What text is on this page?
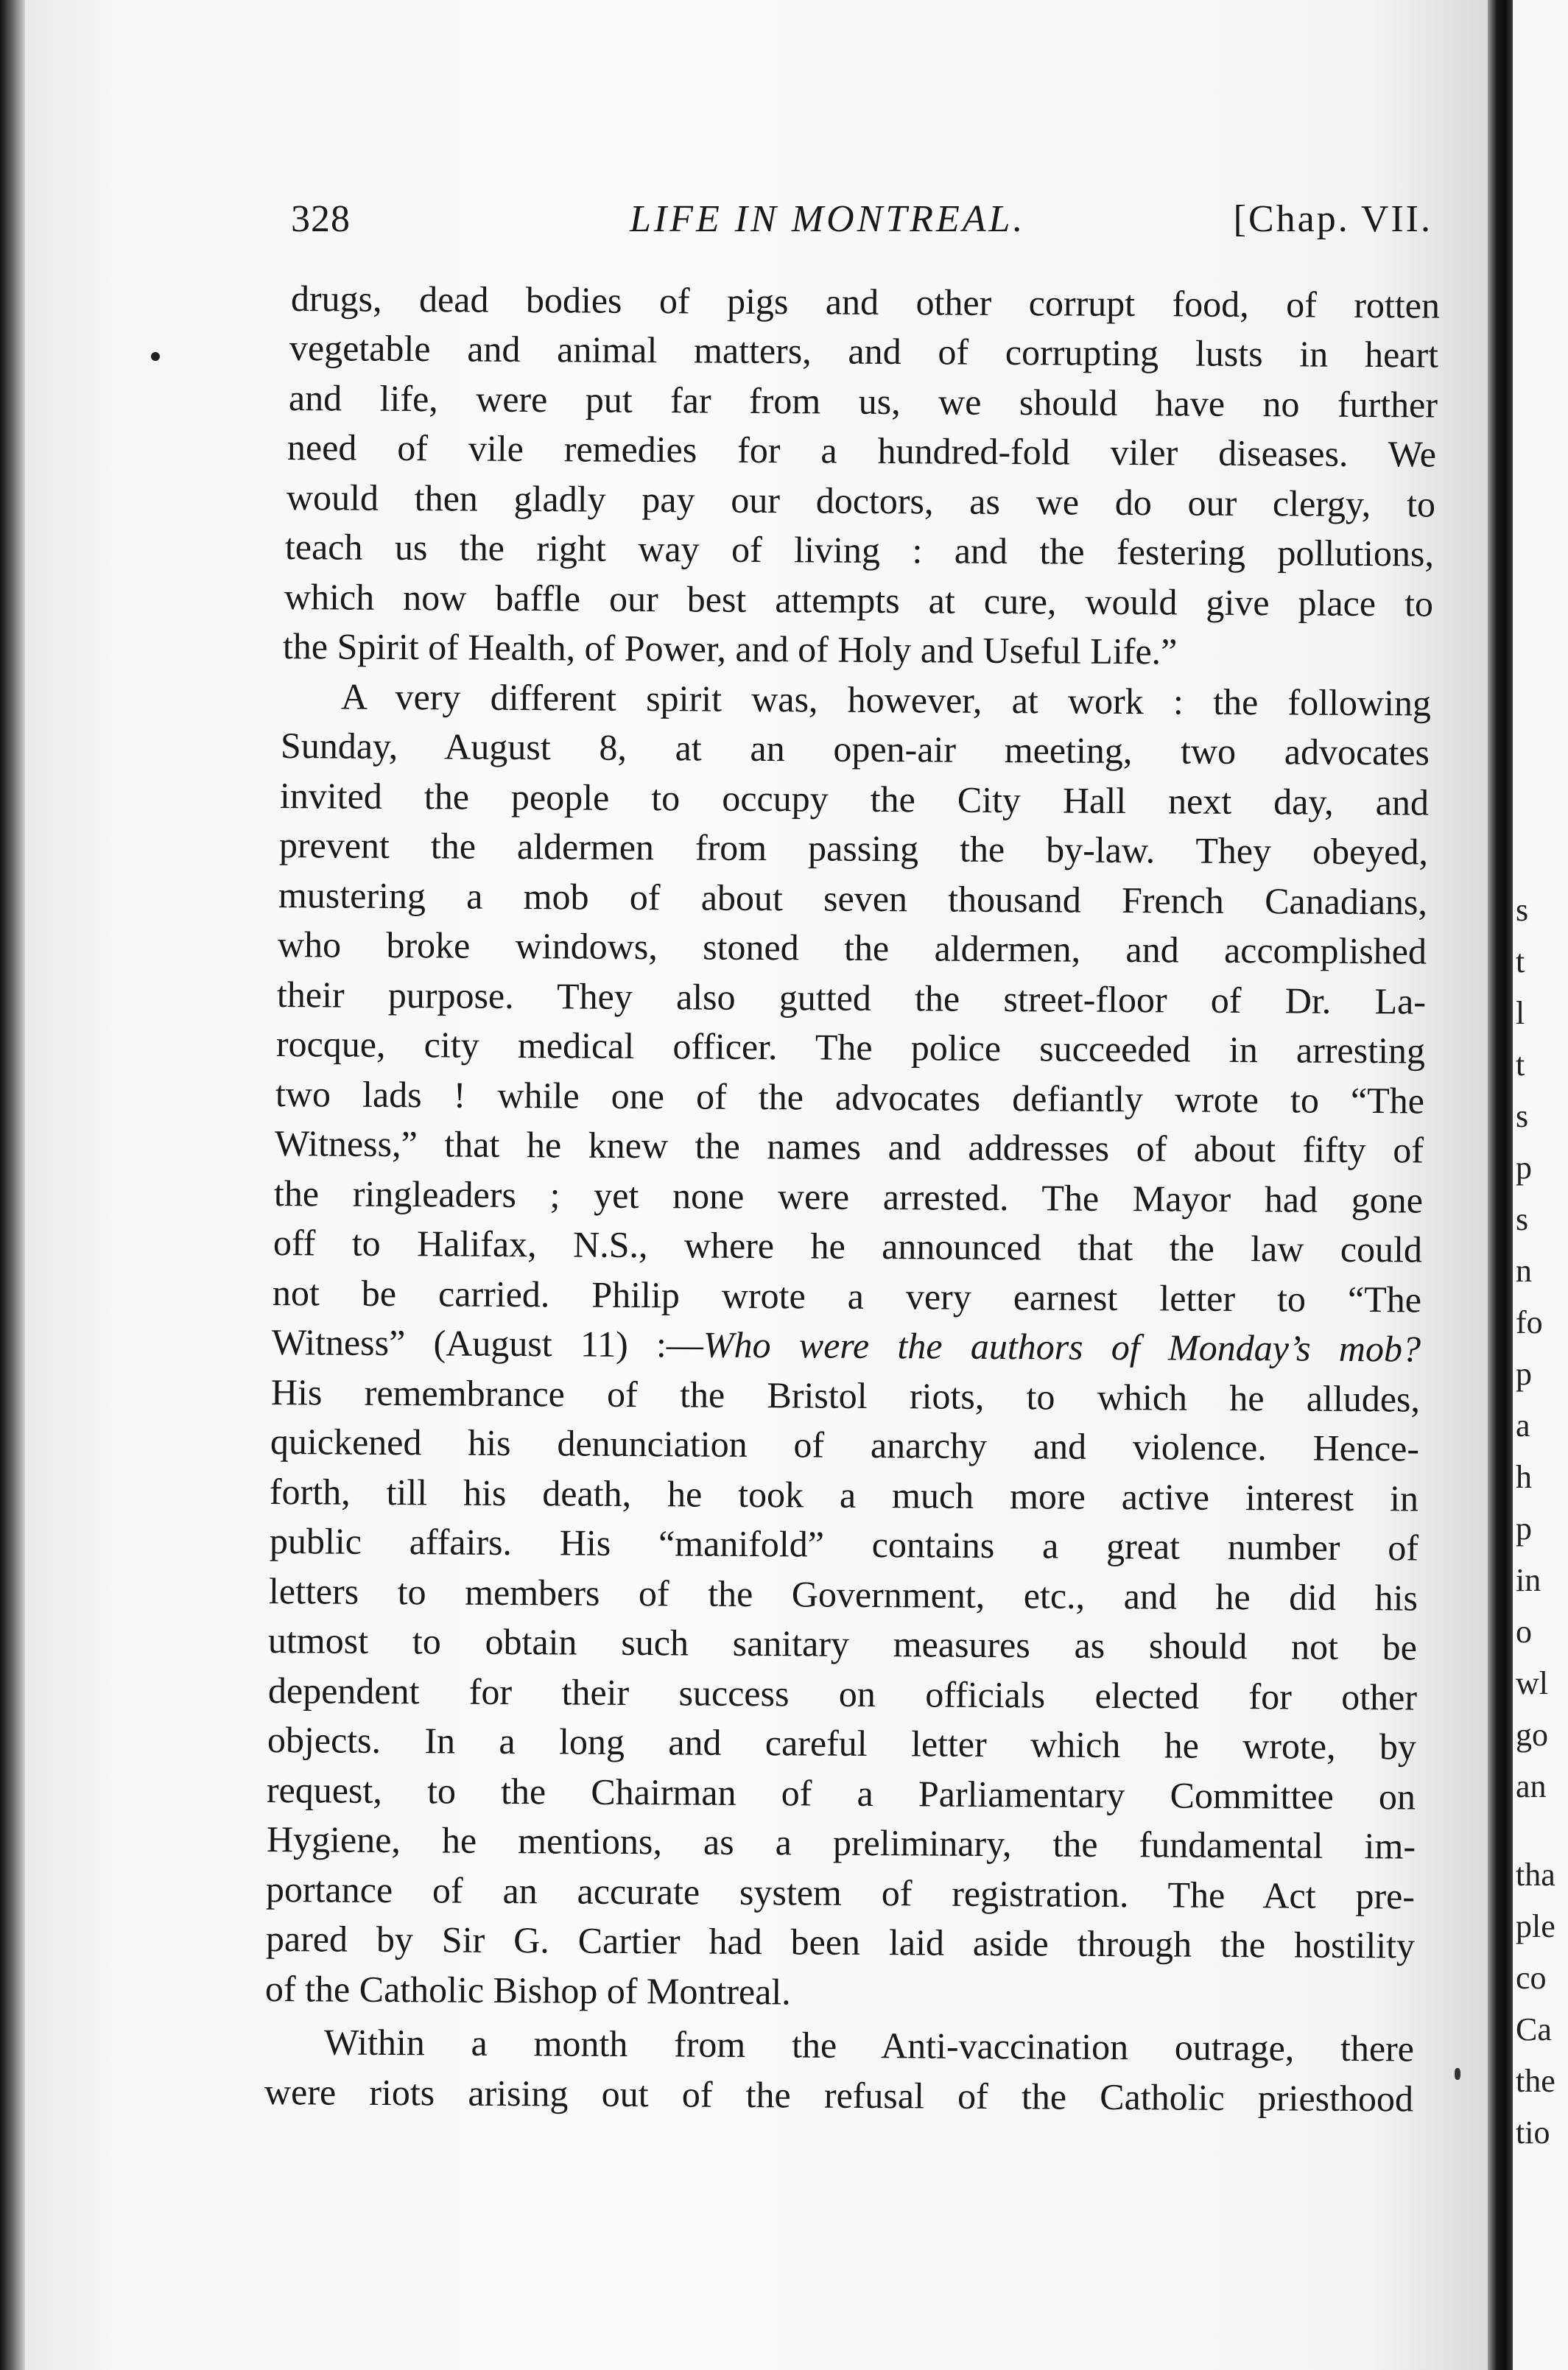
328	LIFE IN MONTREAL.	[Chap. VII.
drugs, dead bodies of pigs and other corrupt food, of rotten
vegetable and animal matters, and of corrupting lusts in heart
and life, were put far from us, we should have no further
need of vile remedies for a hundred-fold viler diseases. We
would then gladly pay our doctors, as we do our clergy, to
teach us the right way of living : and the festering pollutions,
which now baffle our best attempts at cure, would give place to
the Spirit of Health, of Power, and of Holy and Useful Life.”
A very different spirit was, however, at work : the following
Sunday, August 8, at an open-air meeting, two advocates
invited the people to occupy the City Hall next day, and
prevent the aldermen from passing the by-law. They obeyed,
mustering a mob of about seven thousand French Canadians,
who broke windows, stoned the aldermen, and accomplished
their purpose. They also gutted the street-floor of Dr. La-
rocque, city medical officer. The police succeeded in arresting
two lads ! while one of the advocates defiantly wrote to “The
Witness,” that he knew the names and addresses of about fifty of
the ringleaders ; yet none were arrested. The Mayor had gone
off to Halifax, N.S., where he announced that the law could
not be carried. Philip wrote a very earnest letter to “The
Witness” (August 11) :—Who were the authors of Monday’s mob?
His remembrance of the Bristol riots, to which he alludes,
quickened his denunciation of anarchy and violence. Hence-
forth, till his death, he took a much more active interest in
public affairs. His “manifold” contains a great number of
letters to members of the Government, etc., and he did his
utmost to obtain such sanitary measures as should not be
dependent for their success on officials elected for other
objects. In a long and careful letter which he wrote, by
request, to the Chairman of a Parliamentary Committee on
Hygiene, he mentions, as a preliminary, the fundamental im-
portance of an accurate system of registration. The Act pre-
pared by Sir G. Cartier had been laid aside through the hostility
of the Catholic Bishop of Montreal.
Within a month from the Anti-vaccination outrage, there
were riots arising out of the refusal of the Catholic priesthood
s
t
l
t
s
p
s
n
fo
p
a
h
p
in
o
wl
go
an
tha
ple
co
Ca
the
tio
